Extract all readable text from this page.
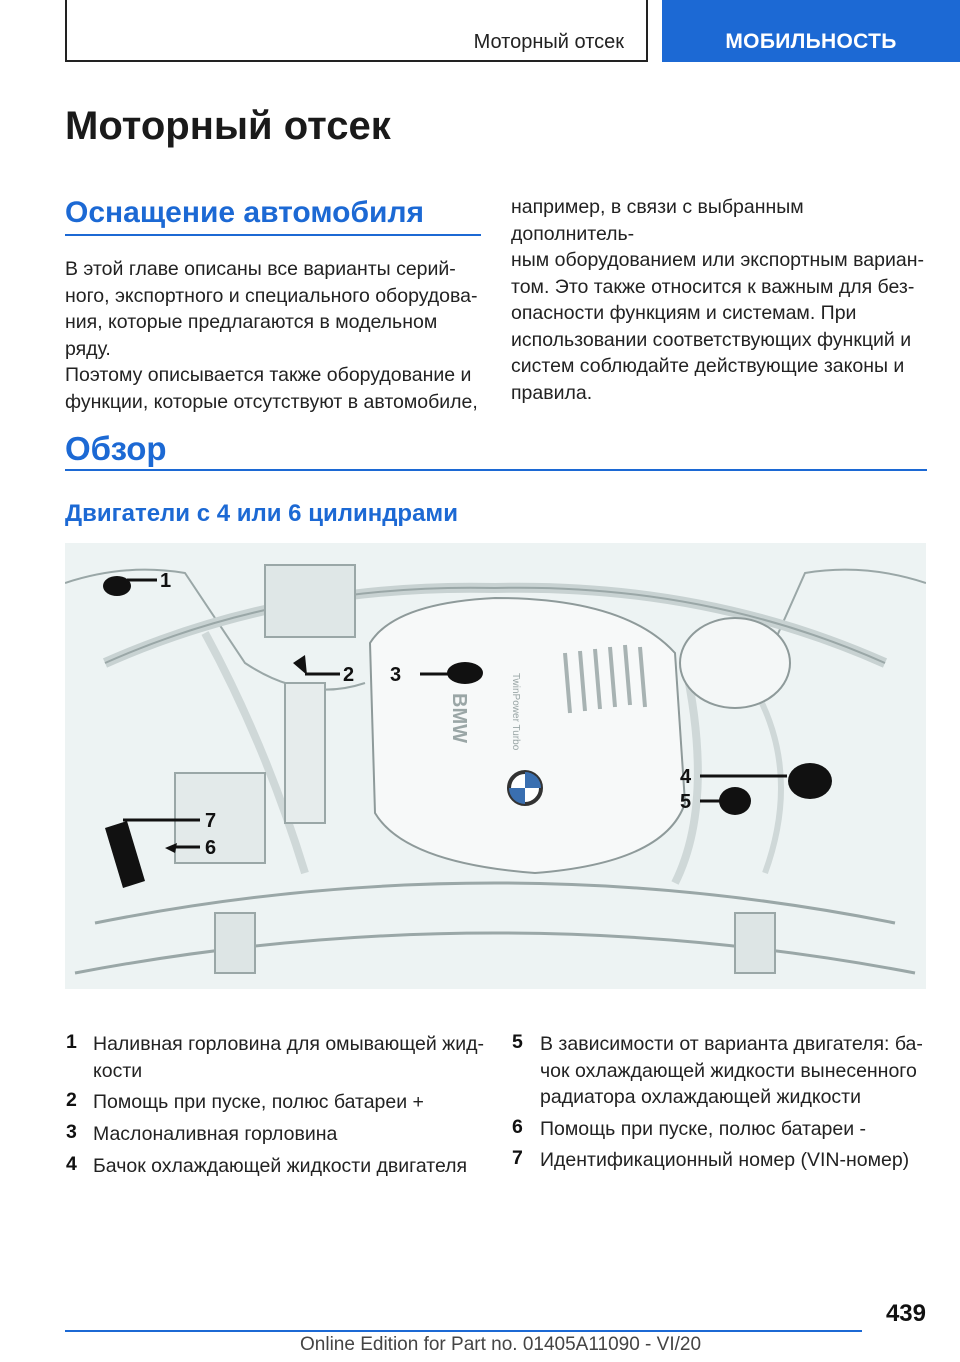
Моторный отсек	МОБИЛЬНОСТЬ
Моторный отсек
Оснащение автомобиля
В этой главе описаны все варианты серий-
ного, экспортного и специального оборудова-
ния, которые предлагаются в модельном ряду.
Поэтому описывается также оборудование и
функции, которые отсутствуют в автомобиле,
например, в связи с выбранным дополнитель-
ным оборудованием или экспортным вариан-
том. Это также относится к важным для без-
опасности функциям и системам. При
использовании соответствующих функций и
систем соблюдайте действующие законы и
правила.
Обзор
Двигатели с 4 или 6 цилиндрами
BMW	TwinPower Turbo
1
2 3
4
5
6
7
1 Наливная горловина для омывающей жид-
кости
2 Помощь при пуске, полюс батареи +
3 Маслоналивная горловина
4 Бачок охлаждающей жидкости двигателя
5 В зависимости от варианта двигателя: ба-
чок охлаждающей жидкости вынесенного
радиатора охлаждающей жидкости
6 Помощь при пуске, полюс батареи -
7 Идентификационный номер (VIN-номер)
439
Online Edition for Part no. 01405A11090 - VI/20
